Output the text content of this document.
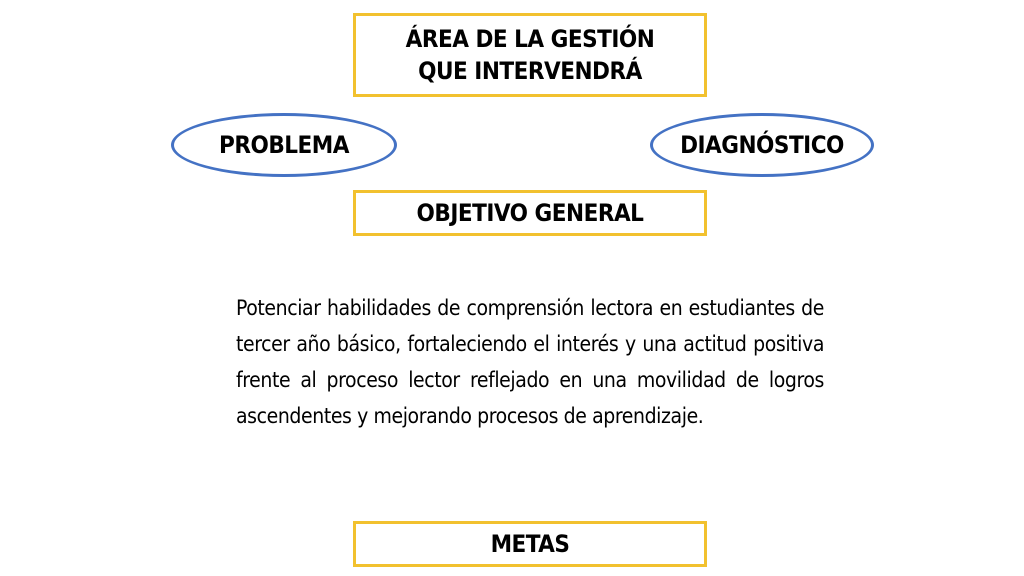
ÁREA DE LA GESTIÓN QUE INTERVENDRÁ
PROBLEMA	DIAGNÓSTICO
OBJETIVO GENERAL
Potenciar habilidades de comprensión lectora en estudiantes de tercer año básico, fortaleciendo el interés y una actitud positiva frente al proceso lector reflejado en una movilidad de logros ascendentes y mejorando procesos de aprendizaje.
METAS
